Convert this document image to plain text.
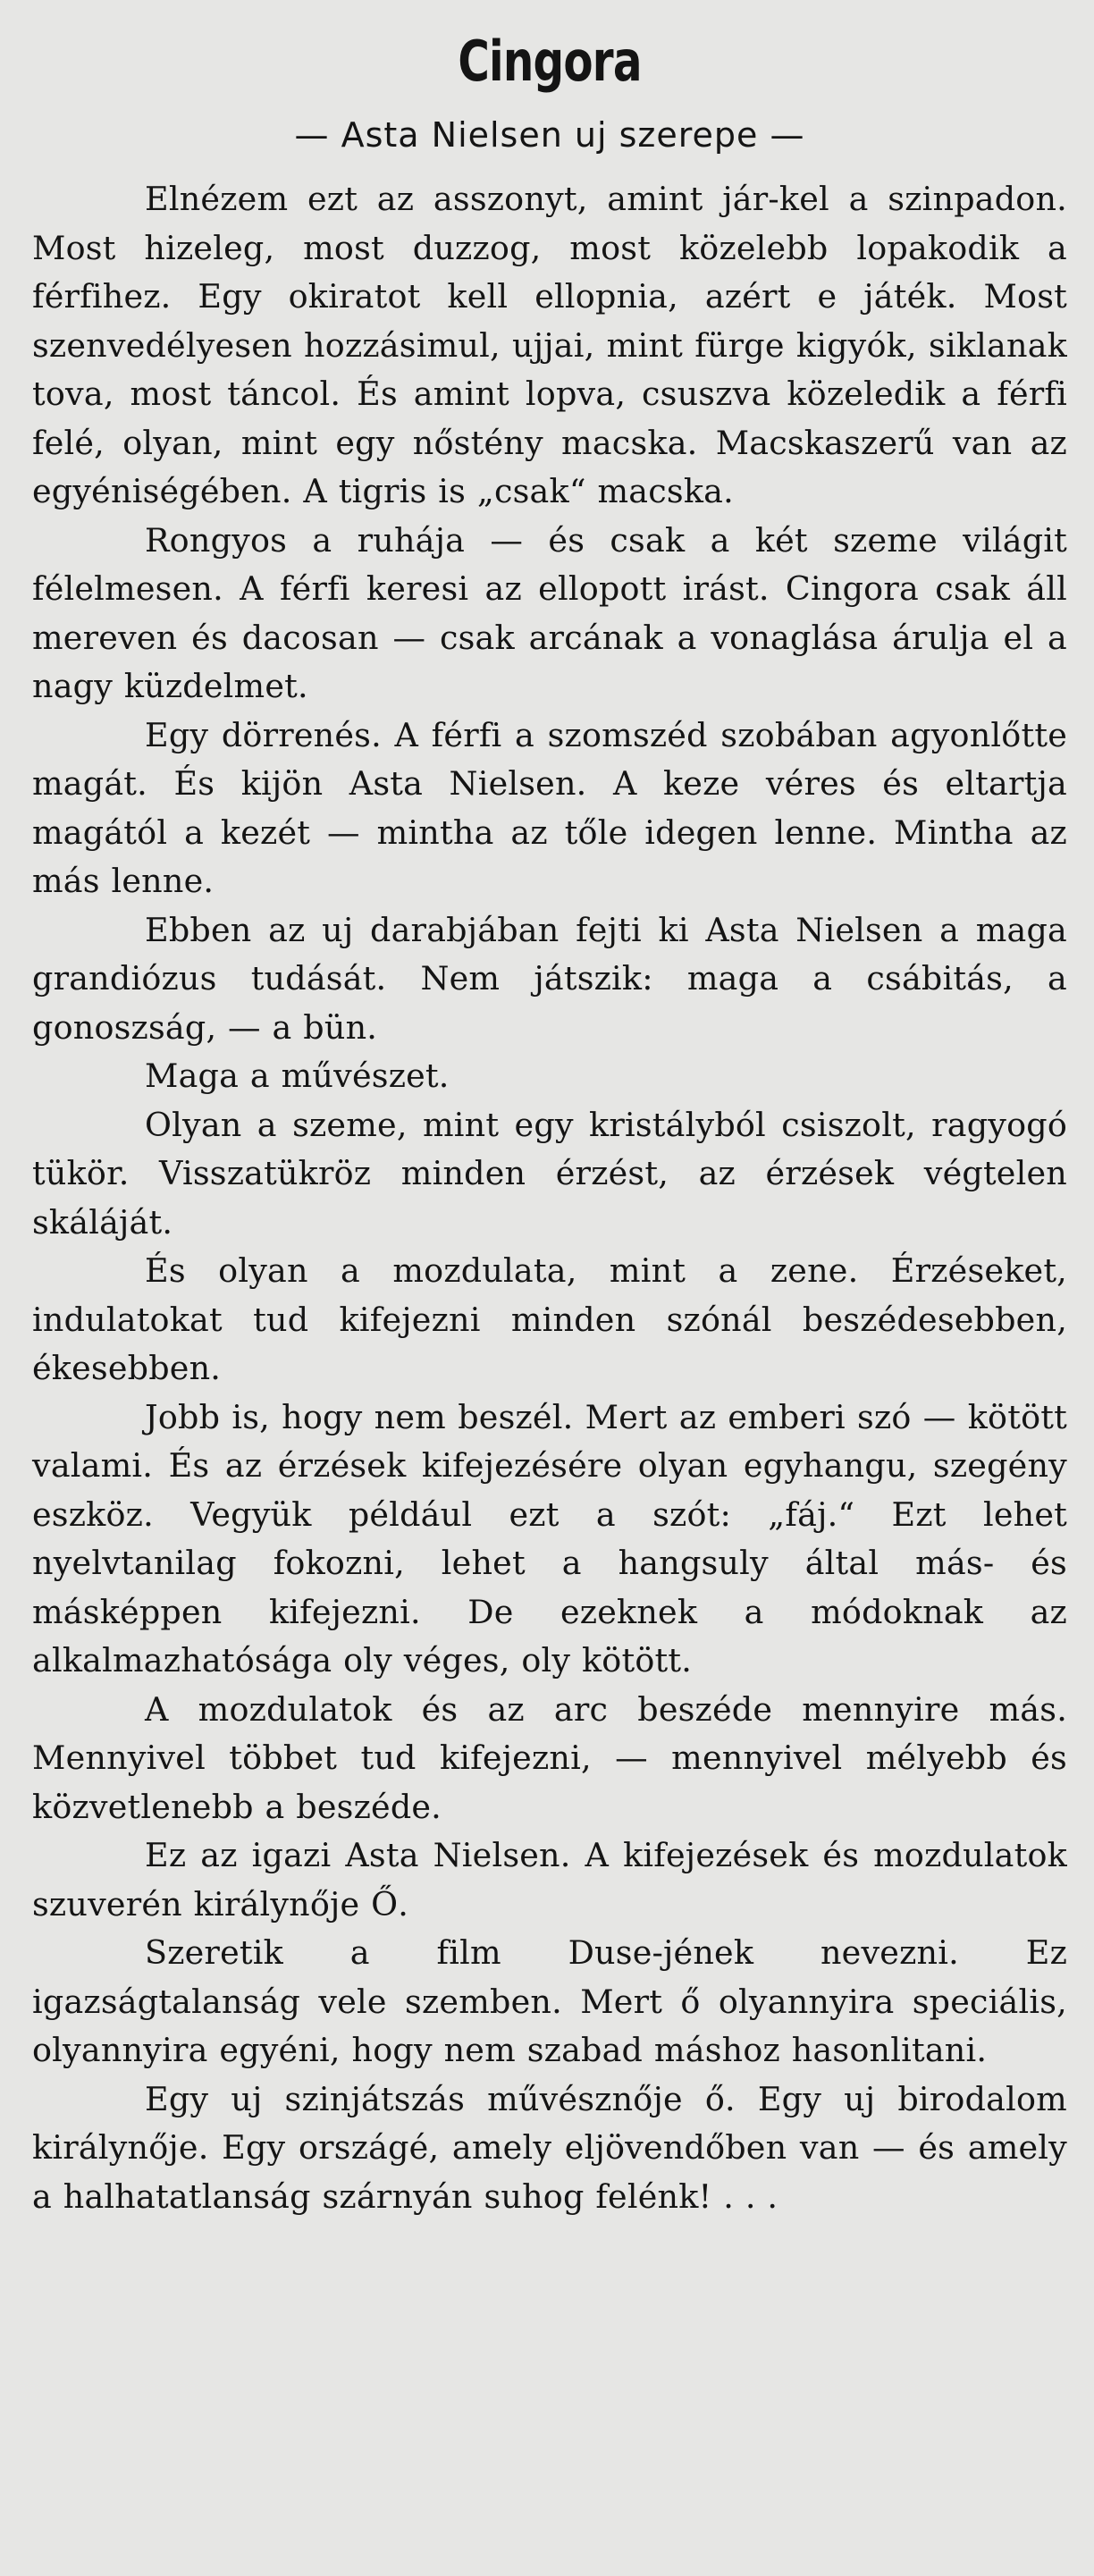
Cingora
— Asta Nielsen uj szerepe —

Elnézem ezt az asszonyt, amint jár-kel a szinpadon. Most hizeleg, most duzzog, most közelebb lopakodik a férfihez. Egy okiratot kell ellopnia, azért e játék. Most szenvedélyesen hozzásimul, ujjai, mint fürge kigyók, siklanak tova, most táncol. És amint lopva, csuszva közeledik a férfi felé, olyan, mint egy nőstény macska. Macskaszerű van az egyéniségében. A tigris is „csak“ macska.

Rongyos a ruhája — és csak a két szeme világit félelmesen. A férfi keresi az ellopott irást. Cingora csak áll mereven és dacosan — csak arcának a vonaglása árulja el a nagy küzdelmet.

Egy dörrenés. A férfi a szomszéd szobában agyonlőtte magát. És kijön Asta Nielsen. A keze véres és eltartja magától a kezét — mintha az tőle idegen lenne. Mintha az más lenne.

Ebben az uj darabjában fejti ki Asta Nielsen a maga grandiózus tudását. Nem játszik: maga a csábitás, a gonoszság, — a bün.

Maga a művészet.

Olyan a szeme, mint egy kristályból csiszolt, ragyogó tükör. Visszatükröz minden érzést, az érzések végtelen skáláját.

És olyan a mozdulata, mint a zene. Érzéseket, indulatokat tud kifejezni minden szónál beszédesebben, ékesebben.

Jobb is, hogy nem beszél. Mert az emberi szó — kötött valami. És az érzések kifejezésére olyan egyhangu, szegény eszköz. Vegyük például ezt a szót: „fáj.“ Ezt lehet nyelvtanilag fokozni, lehet a hangsuly által más- és másképpen kifejezni. De ezeknek a módoknak az alkalmazhatósága oly véges, oly kötött.

A mozdulatok és az arc beszéde mennyire más. Mennyivel többet tud kifejezni, — mennyivel mélyebb és közvetlenebb a beszéde.

Ez az igazi Asta Nielsen. A kifejezések és mozdulatok szuverén királynője Ő.

Szeretik a film Duse-jének nevezni. Ez igazságtalanság vele szemben. Mert ő olyannyira speciális, olyannyira egyéni, hogy nem szabad máshoz hasonlitani.

Egy uj szinjátszás művésznője ő. Egy uj birodalom királynője. Egy országé, amely eljövendőben van — és amely a halhatatlanság szárnyán suhog felénk! . . .
